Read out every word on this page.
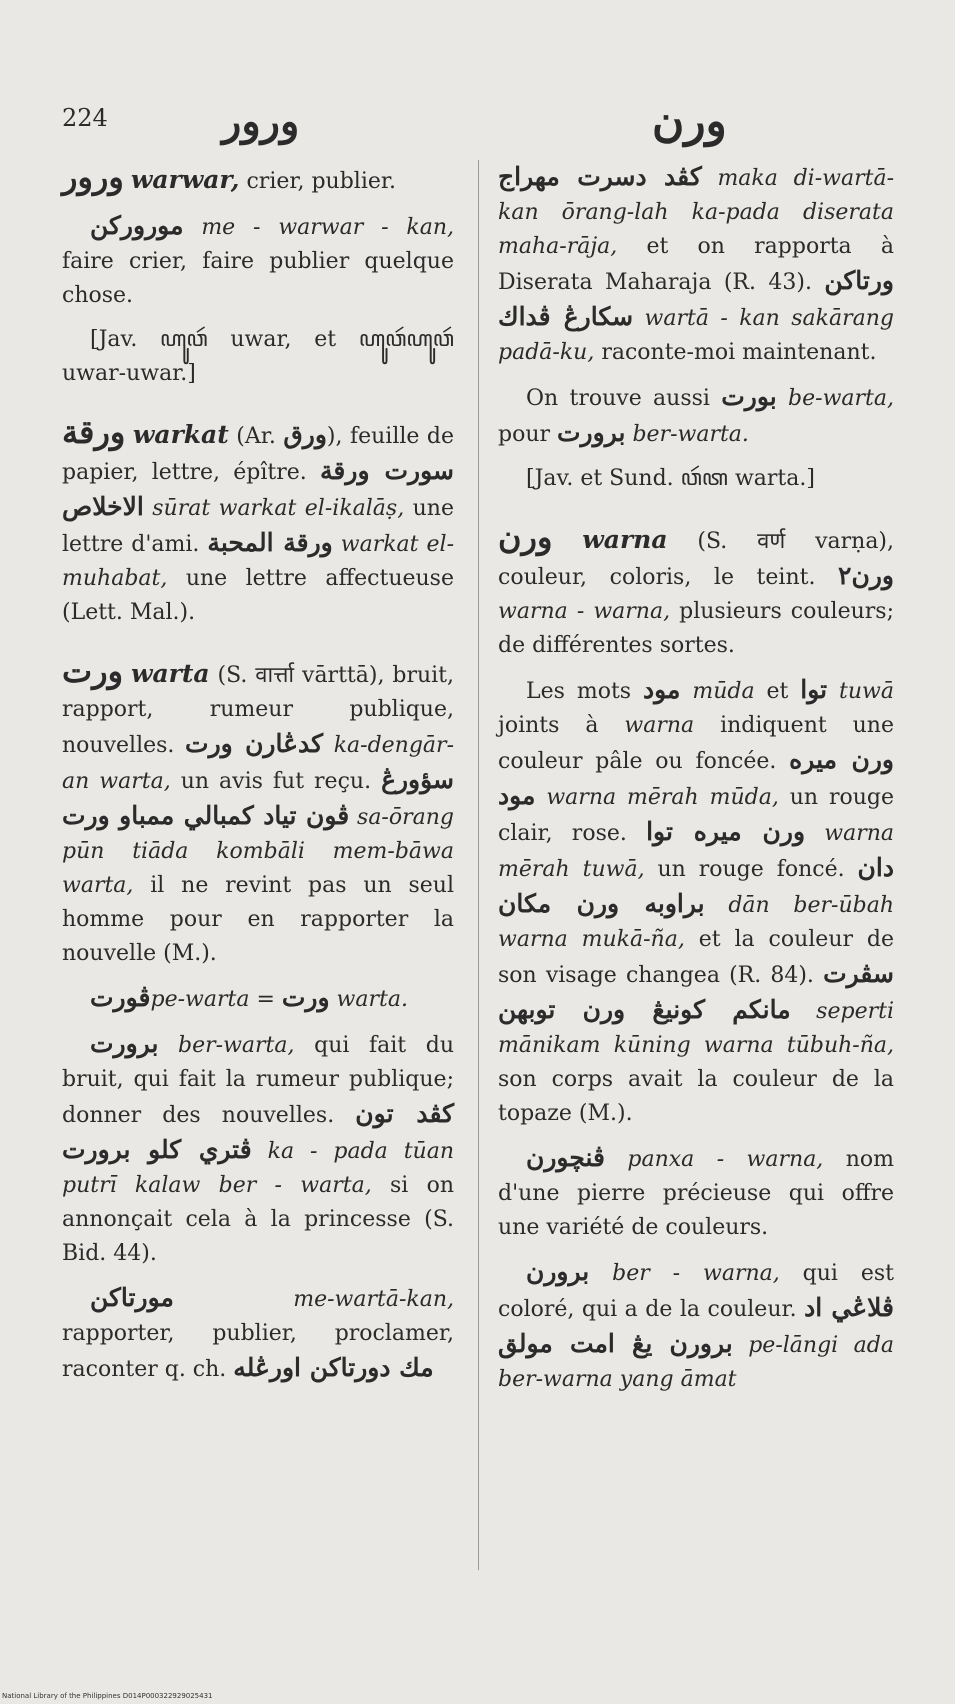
224	ورور	ورن

ورور warwar, crier, publier.

موروركن me - warwar - kan, faire crier, faire publier quelque chose.

[Jav. ꦲꦸꦮꦂ uwar, et ꦲꦸꦮꦂꦲꦸꦮꦂ uwar-uwar.]

ورقة warkat (Ar. ورق), feuille de papier, lettre, épître. سورت ورقة الاخلاص sūrat warkat el-ikalāṣ, une lettre d'ami. ورقة المحبة warkat el-muhabat, une lettre affectueuse (Lett. Mal.).

ورت warta (S. वार्त्ता vārttā), bruit, rapport, rumeur publique, nouvelles. كدڠارن ورت ka-dengār-an warta, un avis fut reçu. سؤورڠ ڤون تياد كمبالي ممباو ورت sa-ōrang pūn tiāda kombāli mem-bāwa warta, il ne revint pas un seul homme pour en rapporter la nouvelle (M.).

ڤورتpe-warta = ورت warta.

برورت ber-warta, qui fait du bruit, qui fait la rumeur publique; donner des nouvelles. كڤد تون ڤتري كلو برورت ka - pada tūan putrī kalaw ber - warta, si on annonçait cela à la princesse (S. Bid. 44).

مورتاكن me-wartā-kan, rapporter, publier, proclamer, raconter q. ch. مك دورتاكن اورڠله

كڤد دسرت مهراج maka di-wartā-kan ōrang-lah ka-pada diserata maha-rāja, et on rapporta à Diserata Maharaja (R. 43). ورتاكن سكارڠ ڤداك wartā - kan sakārang padā-ku, raconte-moi maintenant.

On trouve aussi بورت be-warta, pour برورت ber-warta.

[Jav. et Sund. ꦮꦂꦠ warta.]

ورن warna (S. वर्ण varṇa), couleur, coloris, le teint. ورن٢ warna - warna, plusieurs couleurs; de différentes sortes.

Les mots مود mūda et توا tuwā joints à warna indiquent une couleur pâle ou foncée. ورن ميره مود warna mērah mūda, un rouge clair, rose. ورن ميره توا warna mērah tuwā, un rouge foncé. دان براوبه ورن مكان dān ber-ūbah warna mukā-ña, et la couleur de son visage changea (R. 84). سڤرت مانكم كونيڠ ورن توبهن seperti mānikam kūning warna tūbuh-ña, son corps avait la couleur de la topaze (M.).

ڤنچورن panxa - warna, nom d'une pierre précieuse qui offre une variété de couleurs.

برورن ber - warna, qui est coloré, qui a de la couleur. ڤلاڠي اد برورن يڠ امت مولق pe-lāngi ada ber-warna yang āmat

National Library of the Philippines D014P000322929025431
